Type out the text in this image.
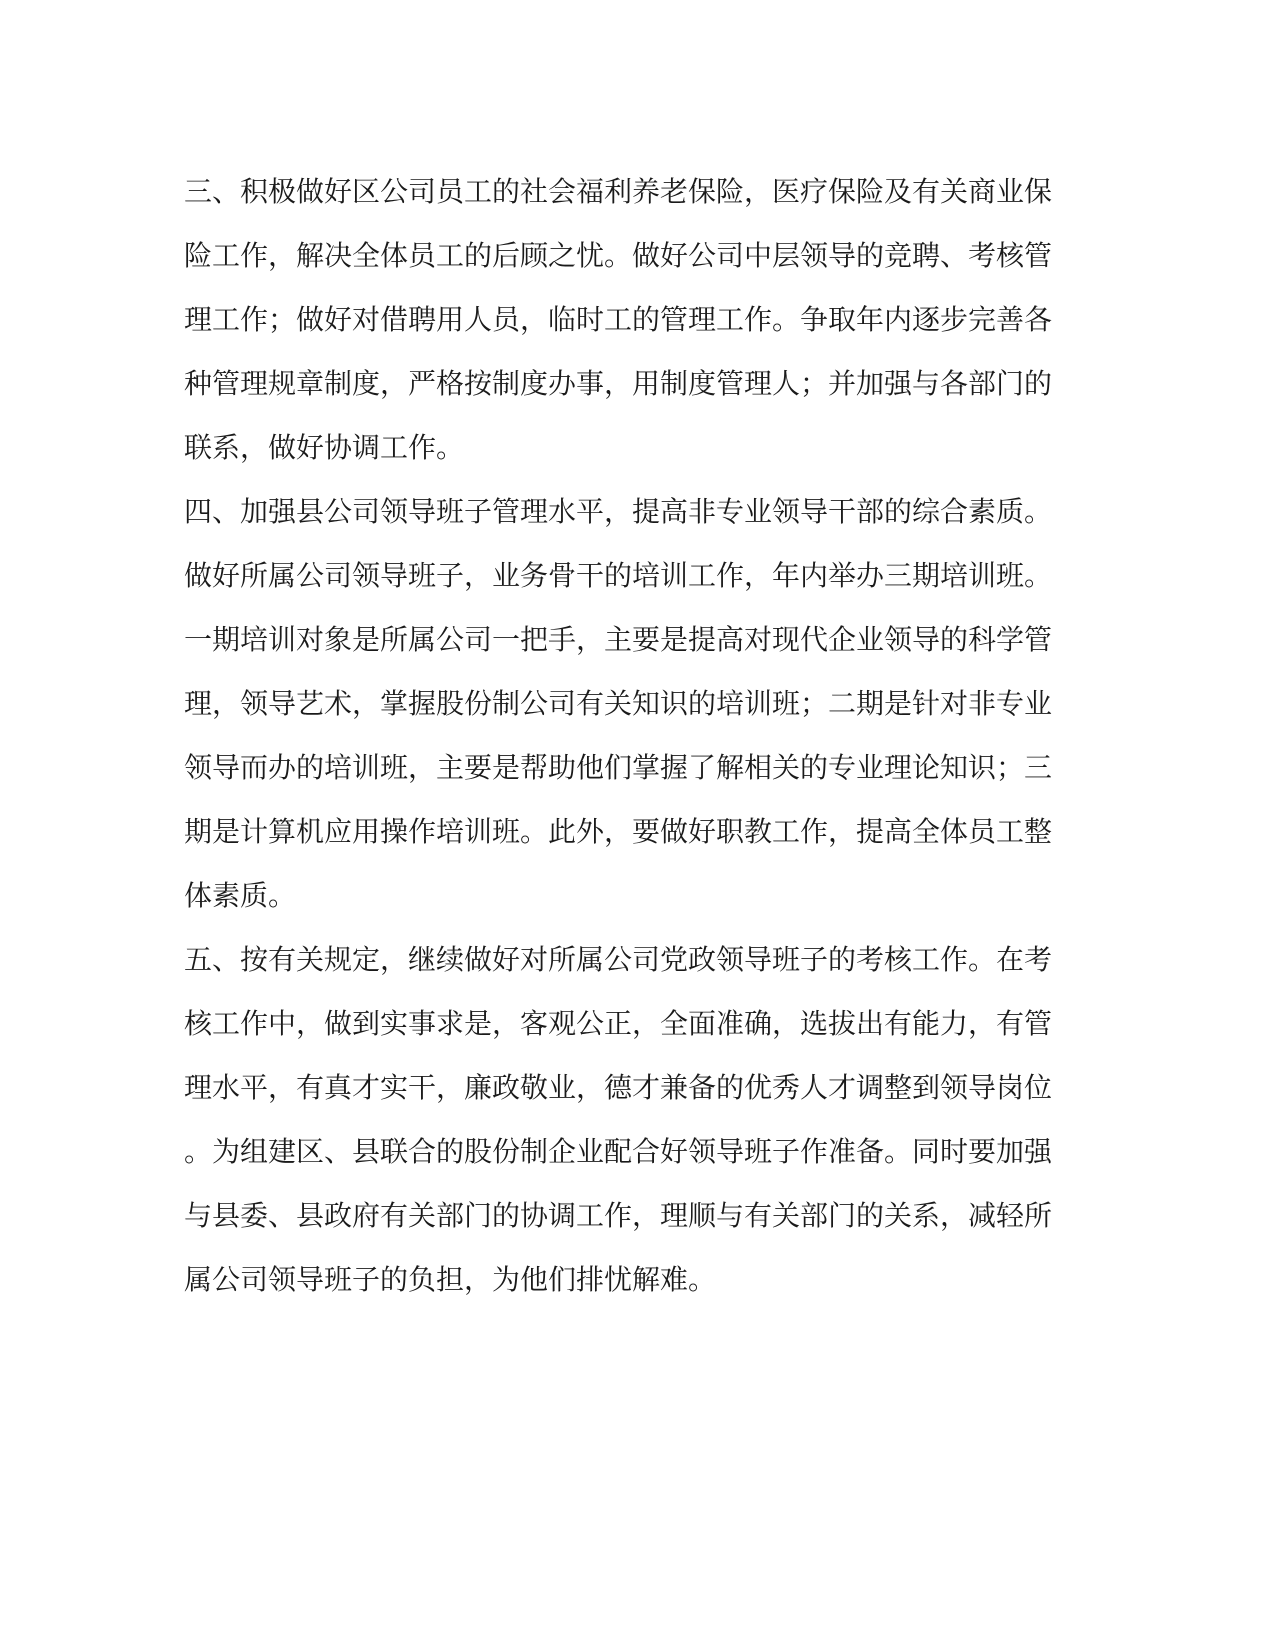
三、积极做好区公司员工的社会福利养老保险，医疗保险及有关商业保
险工作，解决全体员工的后顾之忧。做好公司中层领导的竞聘、考核管
理工作；做好对借聘用人员，临时工的管理工作。争取年内逐步完善各
种管理规章制度，严格按制度办事，用制度管理人；并加强与各部门的
联系，做好协调工作。
四、加强县公司领导班子管理水平，提高非专业领导干部的综合素质。
做好所属公司领导班子，业务骨干的培训工作，年内举办三期培训班。
一期培训对象是所属公司一把手，主要是提高对现代企业领导的科学管
理，领导艺术，掌握股份制公司有关知识的培训班；二期是针对非专业
领导而办的培训班，主要是帮助他们掌握了解相关的专业理论知识；三
期是计算机应用操作培训班。此外，要做好职教工作，提高全体员工整
体素质。
五、按有关规定，继续做好对所属公司党政领导班子的考核工作。在考
核工作中，做到实事求是，客观公正，全面准确，选拔出有能力，有管
理水平，有真才实干，廉政敬业，德才兼备的优秀人才调整到领导岗位
。为组建区、县联合的股份制企业配合好领导班子作准备。同时要加强
与县委、县政府有关部门的协调工作，理顺与有关部门的关系，减轻所
属公司领导班子的负担，为他们排忧解难。
